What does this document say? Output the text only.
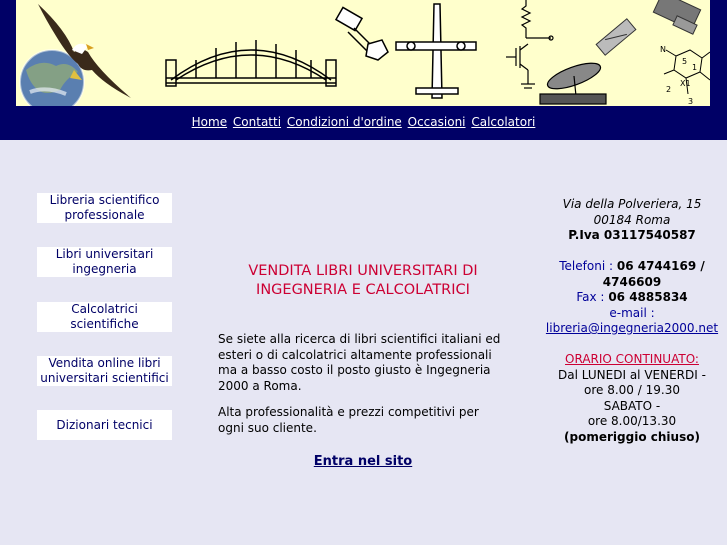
5
1
X1
2
3
N
Home Contatti Condizioni d'ordine Occasioni Calcolatori
Libreria scientifico professionale
Libri universitari ingegneria
Calcolatrici scientifiche
Vendita online libri universitari scientifici
Dizionari tecnici
VENDITA LIBRI UNIVERSITARI DI INGEGNERIA E CALCOLATRICI
Se siete alla ricerca di libri scientifici italiani ed esteri o di calcolatrici altamente professionali ma a basso costo il posto giusto è Ingegneria 2000 a Roma.
Alta professionalità e prezzi competitivi per ogni suo cliente.
Entra nel sito
Via della Polveriera, 15
00184 Roma
P.Iva 03117540587
Telefoni : 06 4744169 / 4746609
Fax : 06 4885834
e-mail :
libreria@ingegneria2000.net
ORARIO CONTINUATO:
Dal LUNEDI al VENERDI -
ore 8.00 / 19.30
SABATO -
ore 8.00/13.30
(pomeriggio chiuso)
